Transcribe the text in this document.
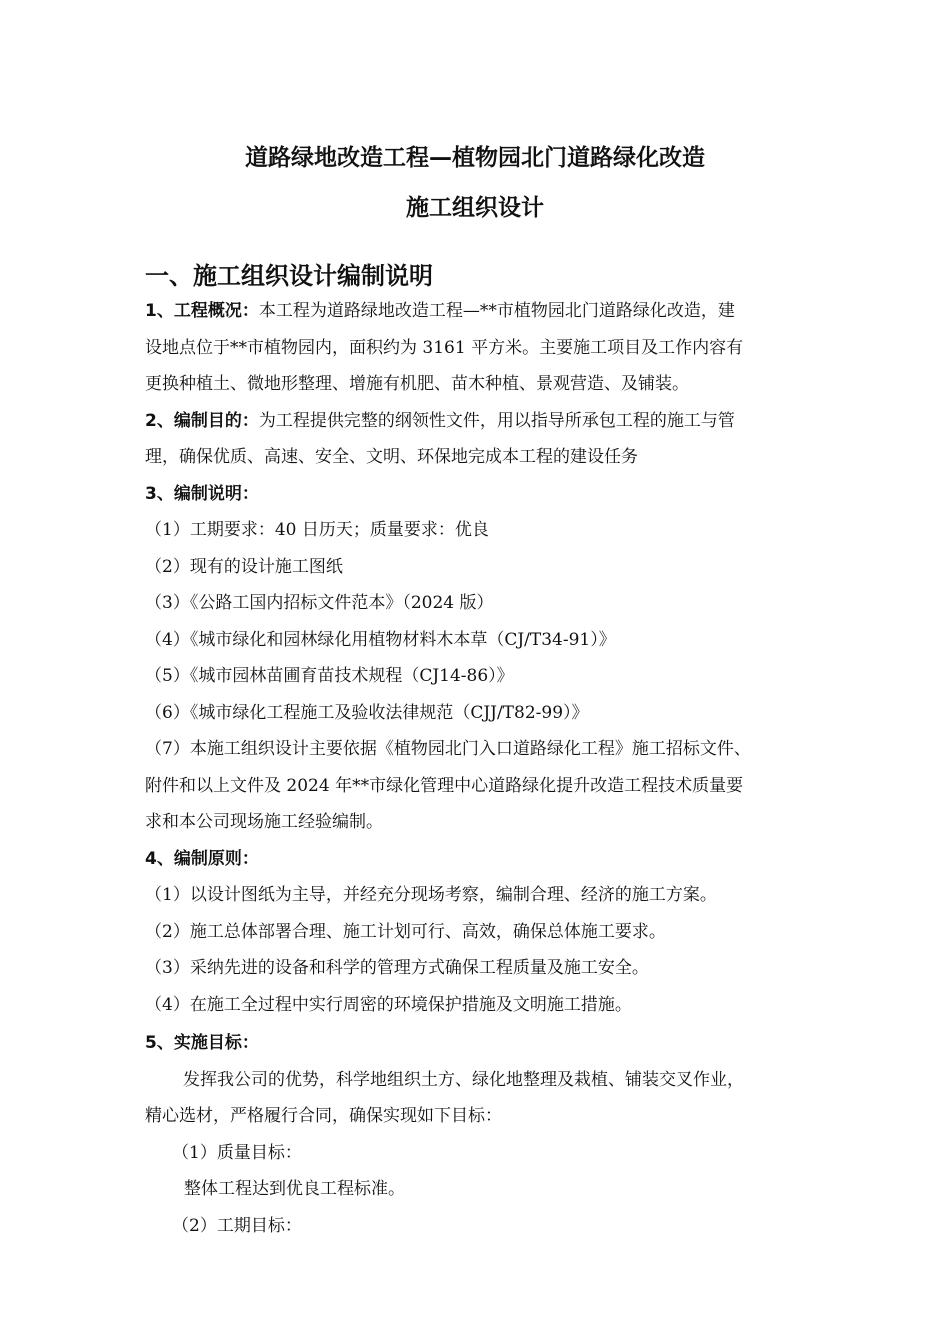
道路绿地改造工程—植物园北门道路绿化改造
施工组织设计
一、施工组织设计编制说明
1、工程概况：本工程为道路绿地改造工程—**市植物园北门道路绿化改造，建
设地点位于**市植物园内，面积约为 3161 平方米。主要施工项目及工作内容有
更换种植土、微地形整理、增施有机肥、苗木种植、景观营造、及铺装。
2、编制目的：为工程提供完整的纲领性文件，用以指导所承包工程的施工与管
理，确保优质、高速、安全、文明、环保地完成本工程的建设任务
3、编制说明：
（1）工期要求：40 日历天；质量要求：优良
（2）现有的设计施工图纸
（3）《公路工国内招标文件范本》（2024 版）
（4）《城市绿化和园林绿化用植物材料木本草（CJ/T34-91）》
（5）《城市园林苗圃育苗技术规程（CJ14-86）》
（6）《城市绿化工程施工及验收法律规范（CJJ/T82-99）》
（7）本施工组织设计主要依据《植物园北门入口道路绿化工程》施工招标文件、
附件和以上文件及 2024 年**市绿化管理中心道路绿化提升改造工程技术质量要
求和本公司现场施工经验编制。
4、编制原则：
（1）以设计图纸为主导，并经充分现场考察，编制合理、经济的施工方案。
（2）施工总体部署合理、施工计划可行、高效，确保总体施工要求。
（3）采纳先进的设备和科学的管理方式确保工程质量及施工安全。
（4）在施工全过程中实行周密的环境保护措施及文明施工措施。
5、实施目标：
发挥我公司的优势，科学地组织土方、绿化地整理及栽植、铺装交叉作业，
精心选材，严格履行合同，确保实现如下目标：
（1）质量目标：
整体工程达到优良工程标准。
（2）工期目标：
